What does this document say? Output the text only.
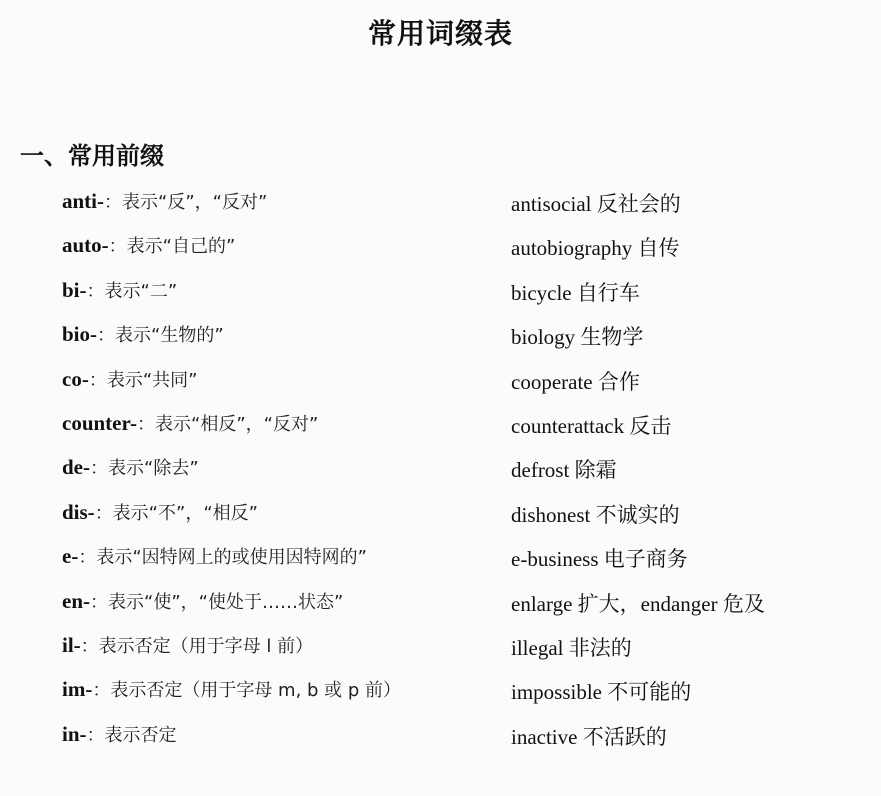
常用词缀表
一、常用前缀
anti-：表示“反”，“反对”	antisocial 反社会的
auto-：表示“自己的”	autobiography 自传
bi-：表示“二”	bicycle 自行车
bio-：表示“生物的”	biology 生物学
co-：表示“共同”	cooperate 合作
counter-：表示“相反”，“反对”	counterattack 反击
de-：表示“除去”	defrost 除霜
dis-：表示“不”，“相反”	dishonest 不诚实的
e-：表示“因特网上的或使用因特网的”	e-business 电子商务
en-：表示“使”，“使处于……状态”	enlarge 扩大，endanger 危及
il-：表示否定（用于字母 l 前）	illegal 非法的
im-：表示否定（用于字母 m, b 或 p 前）	impossible 不可能的
in-：表示否定	inactive 不活跃的
